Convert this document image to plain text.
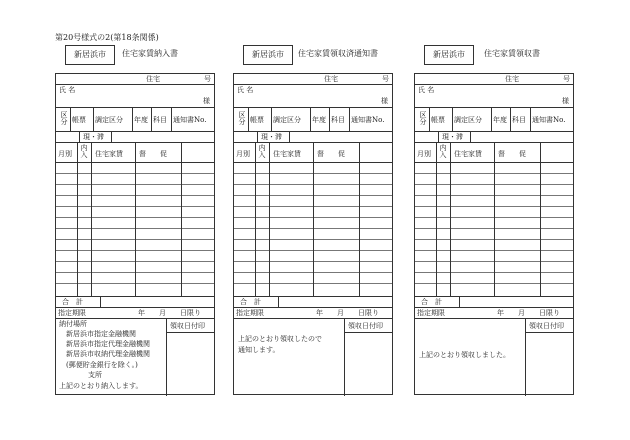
第20号様式の2(第18条関係)
新居浜市	住宅家賃納入書
住宅	号
氏 名
様
区分 帳票 調定区分 年度 科目 通知書No.
現・滞
月別 内入 住宅家賃 督　　促
合　計
指定期限	年　　月　　日限り
領収日付印
納付場所
新居浜市指定金融機関
新居浜市指定代理金融機関
新居浜市収納代理金融機関
(郵便貯金銀行を除く。)
支所
上記のとおり納入します。
新居浜市	住宅家賃領収済通知書
住宅	号
氏 名
様
区分 帳票 調定区分 年度 科目 通知書No.
現・滞
月別 内入 住宅家賃 督　　促
合　計
指定期限	年　　月　　日限り
領収日付印
上記のとおり領収したので
通知します。
新居浜市	住宅家賃領収書
住宅	号
氏 名
様
区分 帳票 調定区分 年度 科目 通知書No.
現・滞
月別 内入 住宅家賃 督　　促
合　計
指定期限	年　　月　　日限り
領収日付印
上記のとおり領収しました。
